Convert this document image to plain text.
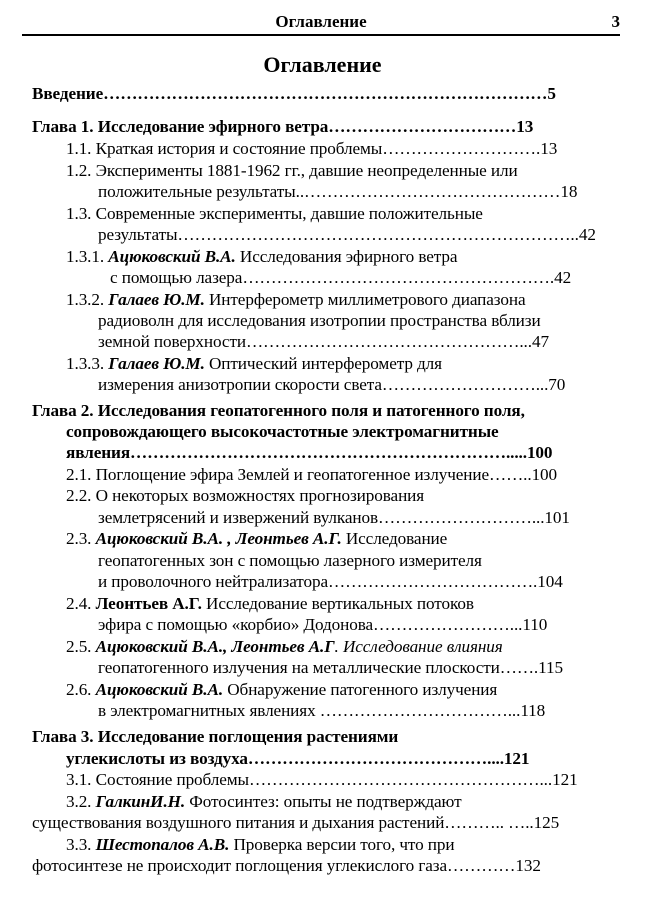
Оглавление	3
Оглавление
Введение……………………………………………………………………5
Глава 1. Исследование эфирного ветра……………………………13
1.1. Краткая история и состояние проблемы……………………….13
1.2. Эксперименты 1881-1962 гг., давшие неопределенные или
положительные результаты..………………………………………18
1.3. Современные эксперименты, давшие положительные
результаты……………………………………………………………..42
1.3.1. Ацюковский В.А. Исследования эфирного ветра
с помощью лазера……………………………………………….42
1.3.2. Галаев Ю.М. Интерферометр миллиметрового диапазона
радиоволн для исследования изотропии пространства вблизи
земной поверхности…………………………………………...47
1.3.3. Галаев Ю.М. Оптический интерферометр для
измерения анизотропии скорости света………………………...70
Глава 2. Исследования геопатогенного поля и патогенного поля,
сопровождающего высокочастотные электромагнитные
явления………………………………………………………….....100
2.1. Поглощение эфира Землей и геопатогенное излучение……..100
2.2. О некоторых возможностях прогнозирования
землетрясений и извержений вулканов………………………...101
2.3. Ацюковский В.А. , Леонтьев А.Г. Исследование
геопатогенных зон с помощью лазерного измерителя
и проволочного нейтрализатора……………………………….104
2.4. Леонтьев А.Г. Исследование вертикальных потоков
эфира с помощью «корбио» Додонова……………………...110
2.5. Ацюковский В.А., Леонтьев А.Г. Исследование влияния
геопатогенного излучения на металлические плоскости…….115
2.6. Ацюковский В.А. Обнаружение патогенного излучения
в электромагнитных явлениях ……………………………...118
Глава 3. Исследование поглощения растениями
углекислоты из воздуха……………………………………....121
3.1. Состояние проблемы……………………………………………...121
3.2. ГалкинИ.Н. Фотосинтез: опыты не подтверждают
существования воздушного питания и дыхания растений……….. …..125
3.3. Шестопалов А.В. Проверка версии того, что при
фотосинтезе не происходит поглощения углекислого газа…………132
